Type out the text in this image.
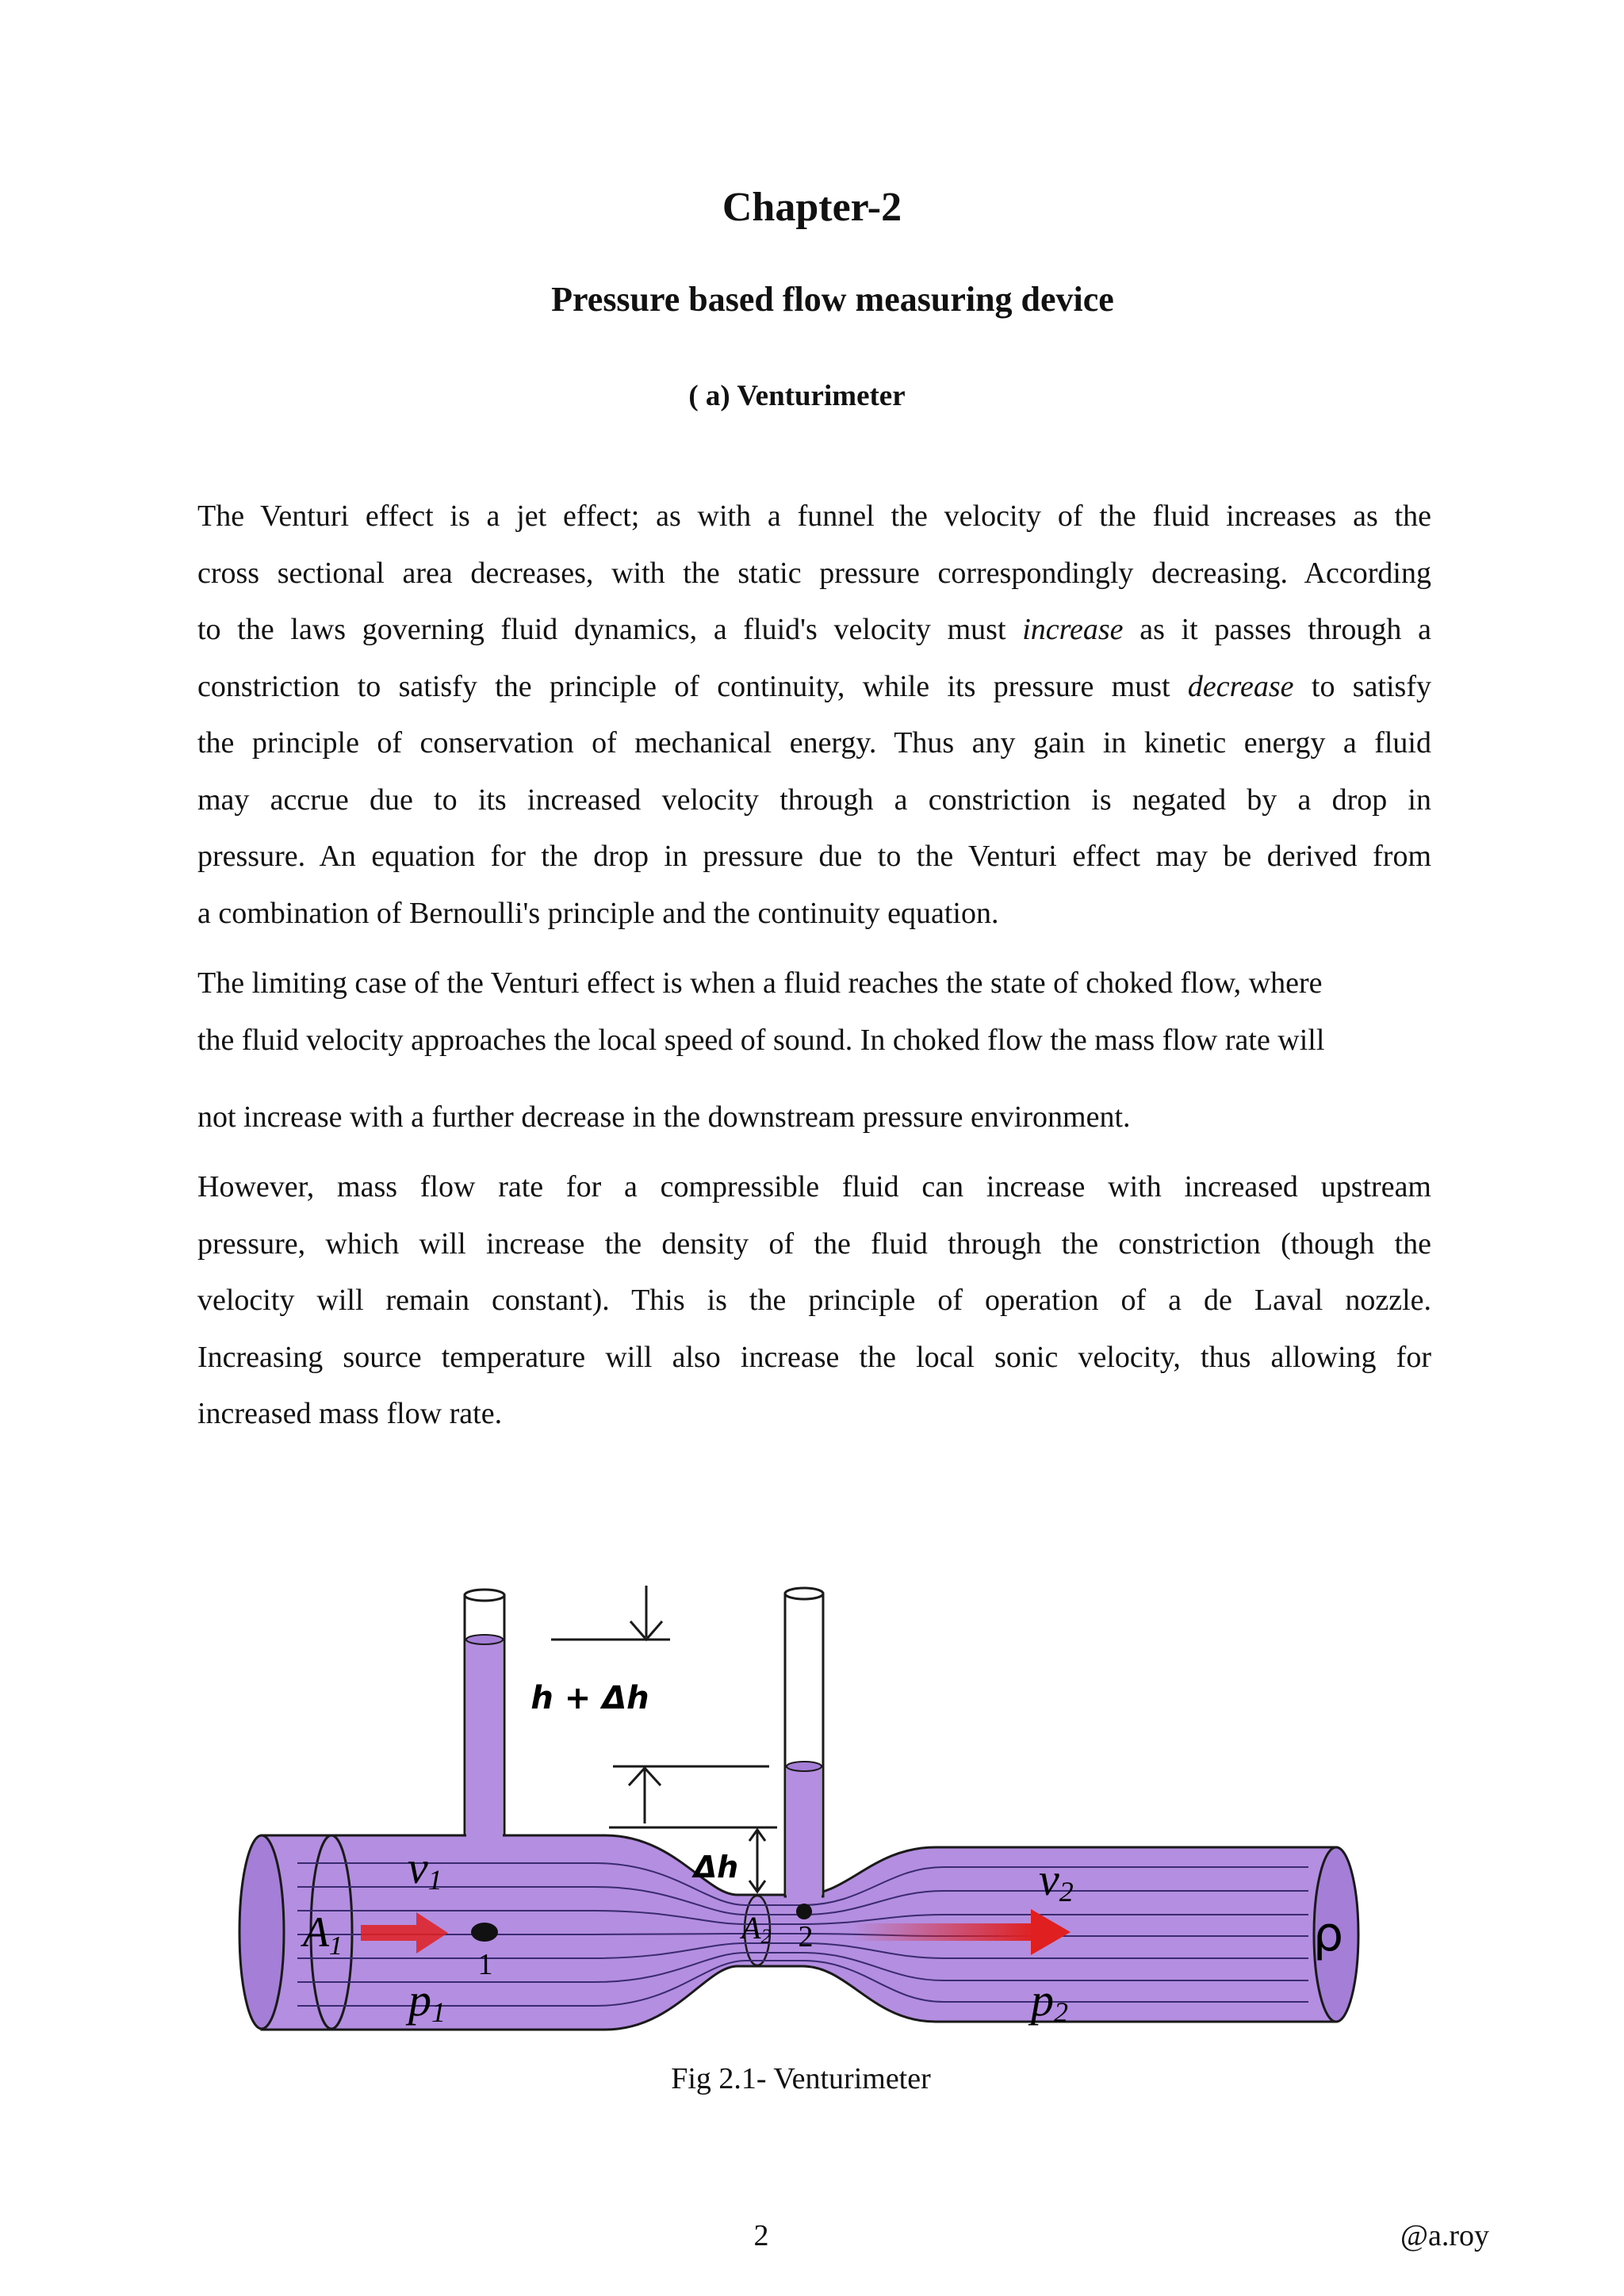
Chapter-2
Pressure based flow measuring device
( a) Venturimeter

The Venturi effect is a jet effect; as with a funnel the velocity of the fluid increases as the
cross sectional area decreases, with the static pressure correspondingly decreasing. According
to the laws governing fluid dynamics, a fluid's velocity must increase as it passes through a
constriction to satisfy the principle of continuity, while its pressure must decrease to satisfy
the principle of conservation of mechanical energy. Thus any gain in kinetic energy a fluid
may accrue due to its increased velocity through a constriction is negated by a drop in
pressure. An equation for the drop in pressure due to the Venturi effect may be derived from
a combination of Bernoulli's principle and the continuity equation.

The limiting case of the Venturi effect is when a fluid reaches the state of choked flow, where
the fluid velocity approaches the local speed of sound. In choked flow the mass flow rate will

not increase with a further decrease in the downstream pressure environment.

However, mass flow rate for a compressible fluid can increase with increased upstream
pressure, which will increase the density of the fluid through the constriction (though the
velocity will remain constant). This is the principle of operation of a de Laval nozzle.
Increasing source temperature will also increase the local sonic velocity, thus allowing for
increased mass flow rate.

h + Δh
Δh
1
2
A1
A2
v1	v2
p1	p2
ρ

Fig 2.1- Venturimeter

2	@a.roy
